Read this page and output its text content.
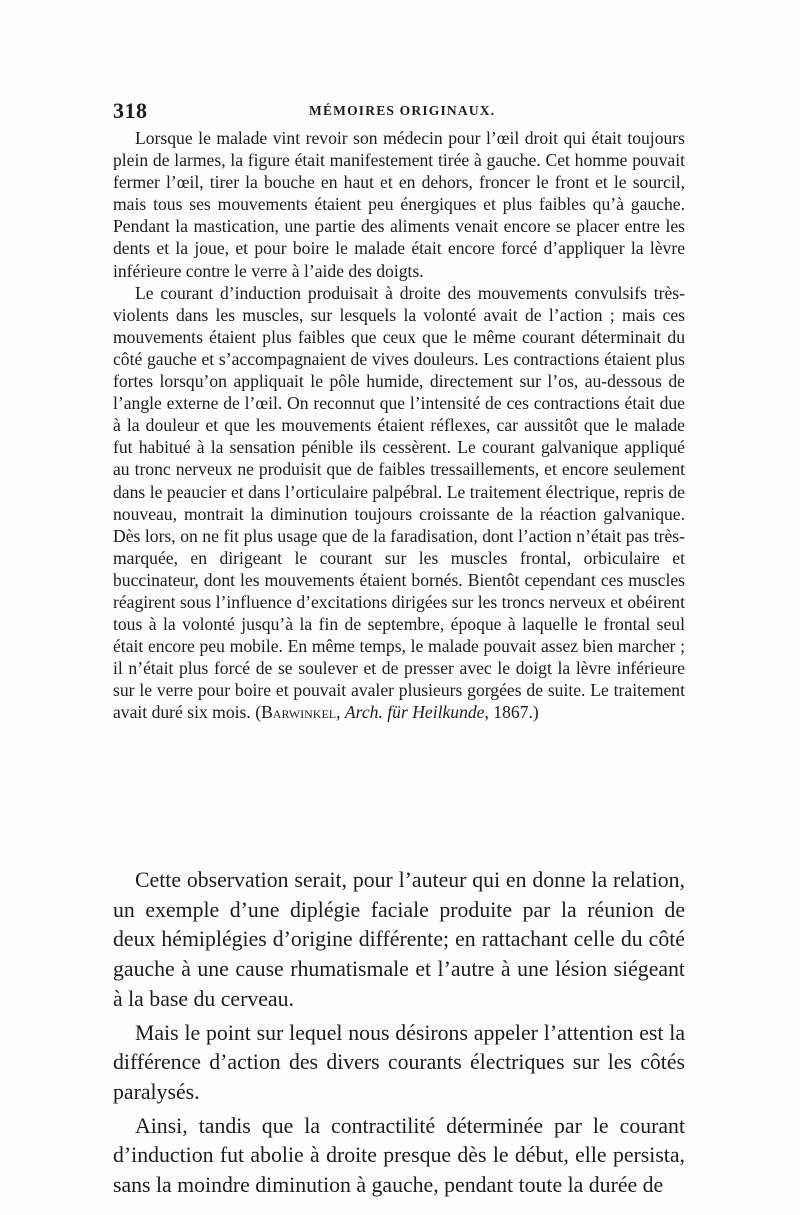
318	MÉMOIRES ORIGINAUX.

Lorsque le malade vint revoir son médecin pour l’œil droit qui était toujours plein de larmes, la figure était manifestement tirée à gauche. Cet homme pouvait fermer l’œil, tirer la bouche en haut et en dehors, froncer le front et le sourcil, mais tous ses mouvements étaient peu énergiques et plus faibles qu’à gauche. Pendant la mastication, une partie des aliments venait encore se placer entre les dents et la joue, et pour boire le malade était encore forcé d’appliquer la lèvre inférieure contre le verre à l’aide des doigts.

Le courant d’induction produisait à droite des mouvements convulsifs très-violents dans les muscles, sur lesquels la volonté avait de l’action ; mais ces mouvements étaient plus faibles que ceux que le même courant déterminait du côté gauche et s’accompagnaient de vives douleurs. Les contractions étaient plus fortes lorsqu’on appliquait le pôle humide, directement sur l’os, au-dessous de l’angle externe de l’œil. On reconnut que l’intensité de ces contractions était due à la douleur et que les mouvements étaient réflexes, car aussitôt que le malade fut habitué à la sensation pénible ils cessèrent. Le courant galvanique appliqué au tronc nerveux ne produisit que de faibles tressaillements, et encore seulement dans le peaucier et dans l’orticulaire palpébral. Le traitement électrique, repris de nouveau, montrait la diminution toujours croissante de la réaction galvanique. Dès lors, on ne fit plus usage que de la faradisation, dont l’action n’était pas très-marquée, en dirigeant le courant sur les muscles frontal, orbiculaire et buccinateur, dont les mouvements étaient bornés. Bientôt cependant ces muscles réagirent sous l’influence d’excitations dirigées sur les troncs nerveux et obéirent tous à la volonté jusqu’à la fin de septembre, époque à laquelle le frontal seul était encore peu mobile. En même temps, le malade pouvait assez bien marcher ; il n’était plus forcé de se soulever et de presser avec le doigt la lèvre inférieure sur le verre pour boire et pouvait avaler plusieurs gorgées de suite. Le traitement avait duré six mois. (Barwinkel, Arch. für Heilkunde, 1867.)

Cette observation serait, pour l’auteur qui en donne la relation, un exemple d’une diplégie faciale produite par la réunion de deux hémiplégies d’origine différente; en rattachant celle du côté gauche à une cause rhumatismale et l’autre à une lésion siégeant à la base du cerveau.

Mais le point sur lequel nous désirons appeler l’attention est la différence d’action des divers courants électriques sur les côtés paralysés.

Ainsi, tandis que la contractilité déterminée par le courant d’induction fut abolie à droite presque dès le début, elle persista, sans la moindre diminution à gauche, pendant toute la durée de
